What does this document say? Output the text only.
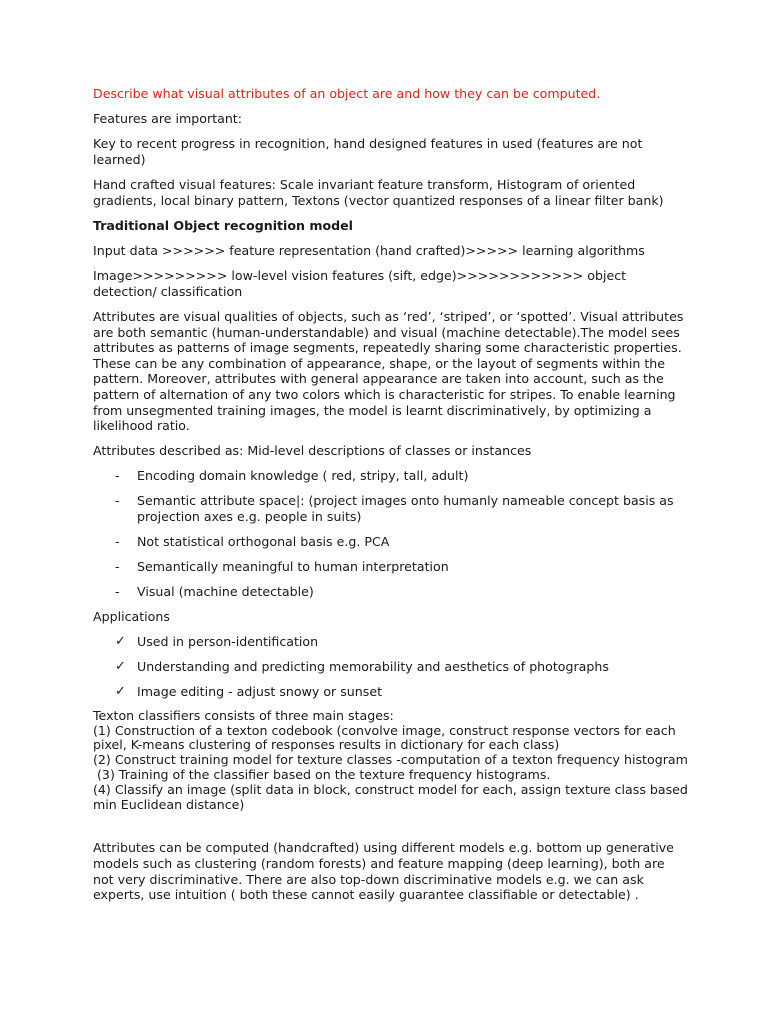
Describe what visual attributes of an object are and how they can be computed.

Features are important:

Key to recent progress in recognition, hand designed features in used (features are not learned)

Hand crafted visual features: Scale invariant feature transform, Histogram of oriented gradients, local binary pattern, Textons (vector quantized responses of a linear filter bank)

Traditional Object recognition model

Input data >>>>>> feature representation (hand crafted)>>>>> learning algorithms

Image>>>>>>>>> low-level vision features (sift, edge)>>>>>>>>>>>> object detection/ classification

Attributes are visual qualities of objects, such as ‘red’, ‘striped’, or ‘spotted’. Visual attributes are both semantic (human-understandable) and visual (machine detectable).The model sees attributes as patterns of image segments, repeatedly sharing some characteristic properties. These can be any combination of appearance, shape, or the layout of segments within the pattern. Moreover, attributes with general appearance are taken into account, such as the pattern of alternation of any two colors which is characteristic for stripes. To enable learning from unsegmented training images, the model is learnt discriminatively, by optimizing a likelihood ratio.

Attributes described as: Mid-level descriptions of classes or instances

-	Encoding domain knowledge ( red, stripy, tall, adult)
-	Semantic attribute space|: (project images onto humanly nameable concept basis as projection axes e.g. people in suits)
-	Not statistical orthogonal basis e.g. PCA
-	Semantically meaningful to human interpretation
-	Visual (machine detectable)

Applications

✓ Used in person-identification
✓ Understanding and predicting memorability and aesthetics of photographs
✓ Image editing - adjust snowy or sunset

Texton classifiers consists of three main stages:

(1) Construction of a texton codebook (convolve image, construct response vectors for each pixel, K-means clustering of responses results in dictionary for each class)

(2) Construct training model for texture classes -computation of a texton frequency histogram

(3) Training of the classifier based on the texture frequency histograms.

(4) Classify an image (split data in block, construct model for each, assign texture class based min Euclidean distance)

Attributes can be computed (handcrafted) using different models e.g. bottom up generative models such as clustering (random forests) and feature mapping (deep learning), both are not very discriminative. There are also top-down discriminative models e.g. we can ask experts, use intuition ( both these cannot easily guarantee classifiable or detectable) .
